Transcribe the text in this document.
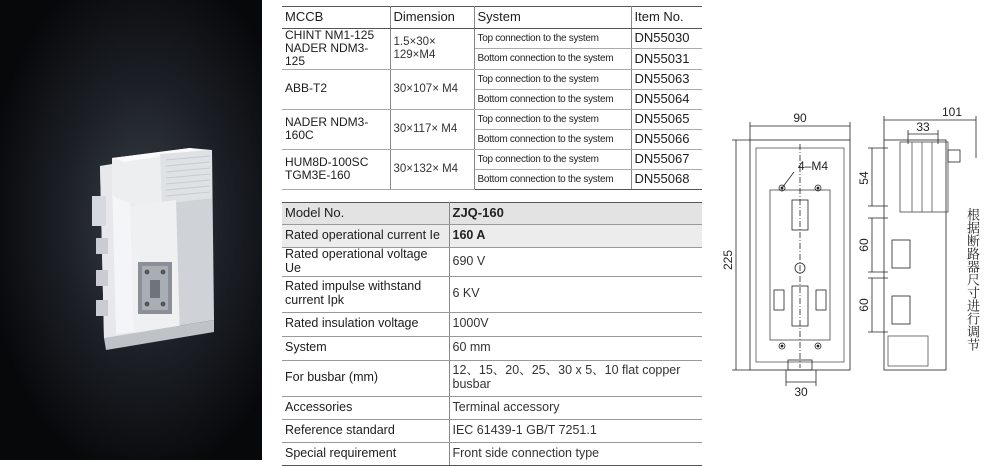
MCCB	Dimension	System	Item No.

CHINT NM1-125
NADER NDM3-125	1.5×30× 129×M4	Top connection to the system	DN55030
		Bottom connection to the system	DN55031

ABB-T2	30×107× M4	Top connection to the system	DN55063
		Bottom connection to the system	DN55064

NADER NDM3- 160C	30×117× M4	Top connection to the system	DN55065
		Bottom connection to the system	DN55066

HUM8D-100SC
TGM3E-160	30×132× M4	Top connection to the system	DN55067
		Bottom connection to the system	DN55068
Model No.	ZJQ-160
Rated operational current Ie	160 A
Rated operational voltage Ue	690 V
Rated impulse withstand current Ipk	6 KV
Rated insulation voltage	1000V
System	60 mm
For busbar (mm)	12、15、20、25、30 x 5、10 flat copper busbar
Accessories	Terminal accessory
Reference standard	IEC 61439-1 GB/T 7251.1
Special requirement	Front side connection type
90
225
30
4–M4
101
33
54
60
60	根据断路器尺寸进行调节
